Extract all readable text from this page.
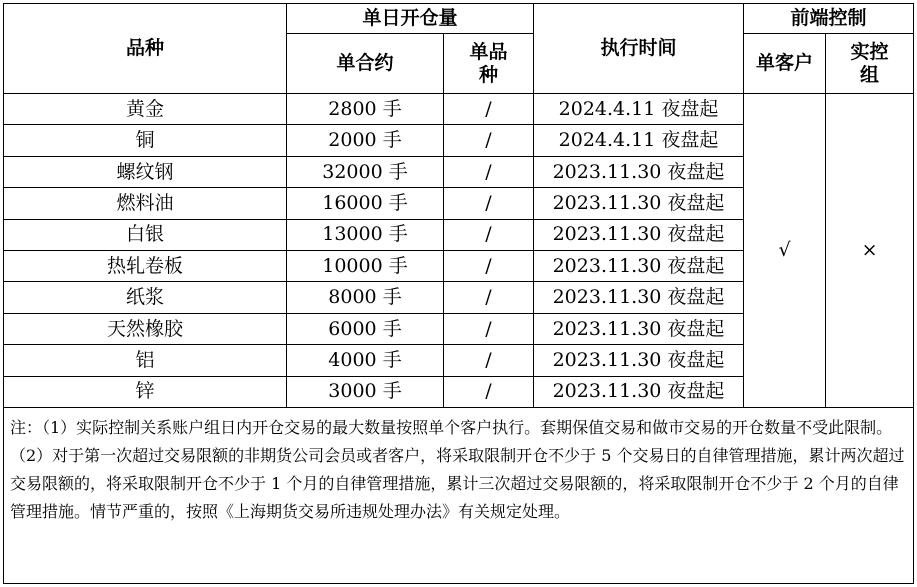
品种	单日开仓量		执行时间	前端控制	
	单合约	单品种		单客户	实控组
黄金	2800 手	/	2024.4.11 夜盘起	√	×
铜	2000 手	/	2024.4.11 夜盘起		
螺纹钢	32000 手	/	2023.11.30 夜盘起		
燃料油	16000 手	/	2023.11.30 夜盘起		
白银	13000 手	/	2023.11.30 夜盘起		
热轧卷板	10000 手	/	2023.11.30 夜盘起		
纸浆	8000 手	/	2023.11.30 夜盘起		
天然橡胶	6000 手	/	2023.11.30 夜盘起		
铝	4000 手	/	2023.11.30 夜盘起		
锌	3000 手	/	2023.11.30 夜盘起		

注：（1）实际控制关系账户组日内开仓交易的最大数量按照单个客户执行。套期保值交易和做市交易的开仓数量不受此限制。

（2）对于第一次超过交易限额的非期货公司会员或者客户，将采取限制开仓不少于 5 个交易日的自律管理措施，累计两次超过交易限额的，将采取限制开仓不少于 1 个月的自律管理措施，累计三次超过交易限额的，将采取限制开仓不少于 2 个月的自律管理措施。情节严重的，按照《上海期货交易所违规处理办法》有关规定处理。					
